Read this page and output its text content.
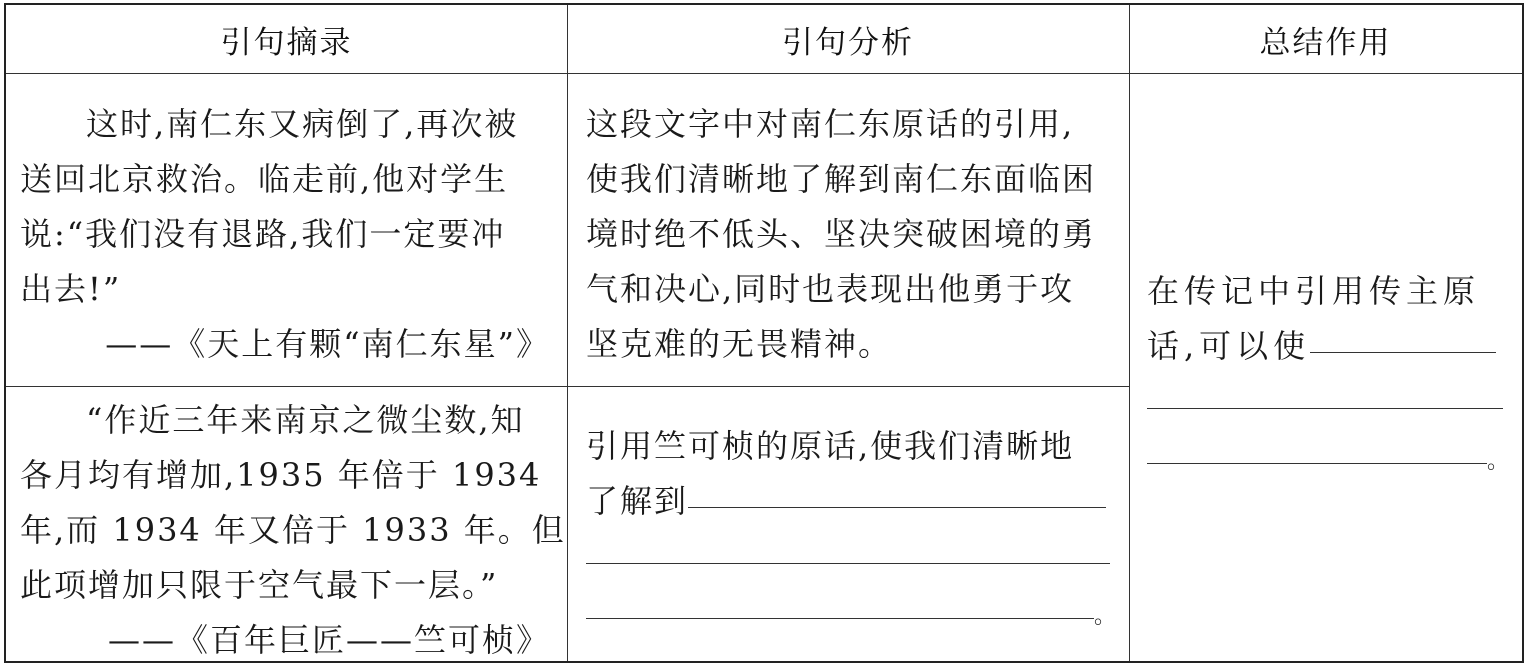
引句摘录	引句分析	总结作用
这时,南仁东又病倒了,再次被
送回北京救治。临走前,他对学生
说:“我们没有退路,我们一定要冲
出去!”
——《天上有颗“南仁东星”》
这段文字中对南仁东原话的引用,
使我们清晰地了解到南仁东面临困
境时绝不低头、坚决突破困境的勇
气和决心,同时也表现出他勇于攻
坚克难的无畏精神。
“作近三年来南京之微尘数,知
各月均有增加,1935 年倍于 1934
年,而 1934 年又倍于 1933 年。但
此项增加只限于空气最下一层。”
——《百年巨匠——竺可桢》
引用竺可桢的原话,使我们清晰地
了解到
。
在传记中引用传主原
话,可以使
。
